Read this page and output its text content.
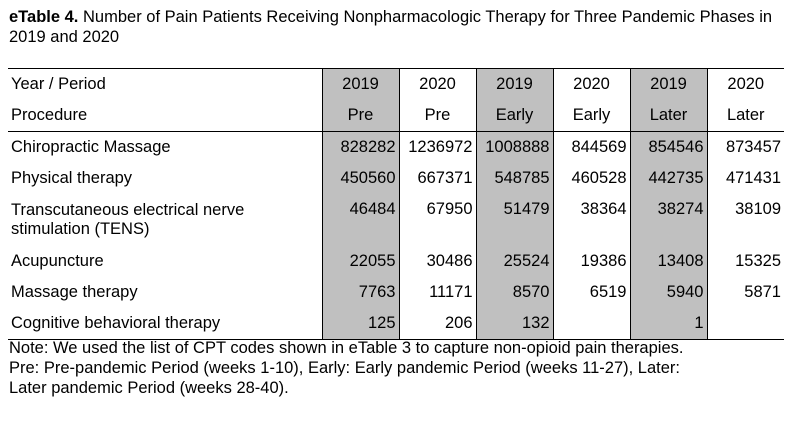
eTable 4. Number of Pain Patients Receiving Nonpharmacologic Therapy for Three Pandemic Phases in 2019 and 2020
Year / Period	2019	2020	2019	2020	2019	2020
Procedure	Pre	Pre	Early	Early	Later	Later
Chiropractic Massage	828282	1236972	1008888	844569	854546	873457
Physical therapy	450560	667371	548785	460528	442735	471431
Transcutaneous electrical nerve stimulation (TENS)	46484	67950	51479	38364	38274	38109
Acupuncture	22055	30486	25524	19386	13408	15325
Massage therapy	7763	11171	8570	6519	5940	5871
Cognitive behavioral therapy	125	206	132		1	
Note: We used the list of CPT codes shown in eTable 3 to capture non-opioid pain therapies.
Pre: Pre-pandemic Period (weeks 1-10), Early: Early pandemic Period (weeks 11-27), Later:
Later pandemic Period (weeks 28-40).
